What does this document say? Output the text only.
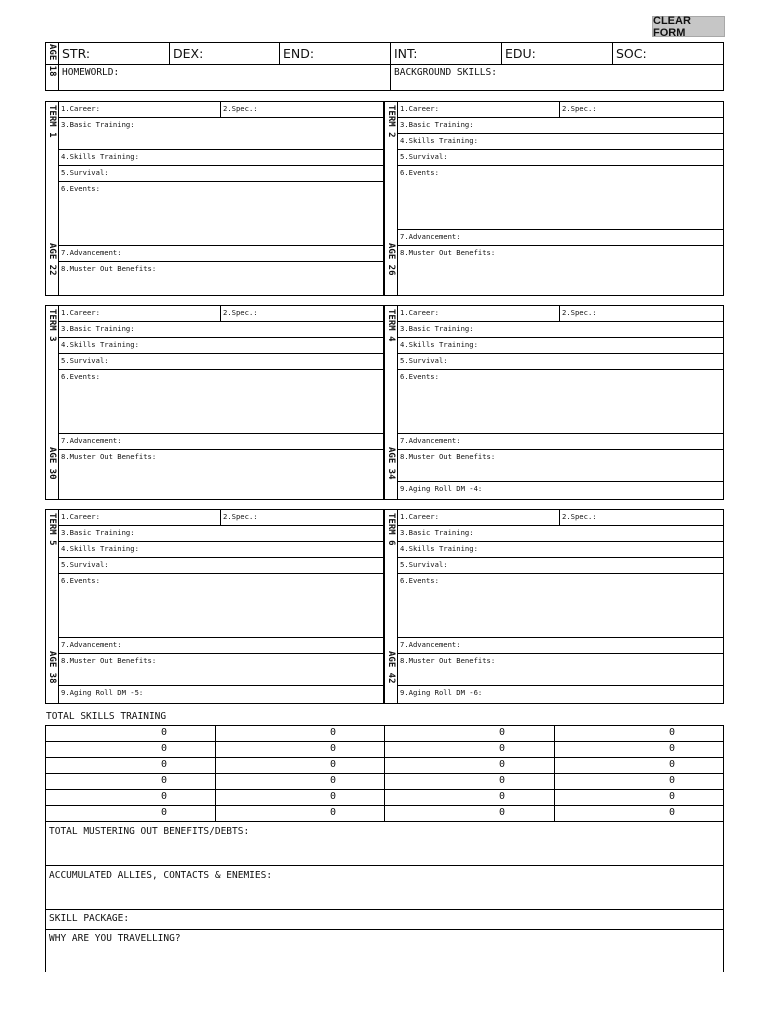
CLEAR FORM
AGE 18 STR:	DEX:	END:	INT:	EDU:	SOC:
HOMEWORLD:	BACKGROUND SKILLS:
1.Career:	2.Spec.:
3.Basic Training:
4.Skills Training:
5.Survival:
6.Events:
7.Advancement:
8.Muster Out Benefits:
TERM 1
AGE 22
1.Career:	2.Spec.:
3.Basic Training:
4.Skills Training:
5.Survival:
6.Events:
7.Advancement:
8.Muster Out Benefits:
TERM 2
AGE 26
1.Career:	2.Spec.:
3.Basic Training:
4.Skills Training:
5.Survival:
6.Events:
7.Advancement:
8.Muster Out Benefits:
TERM 3
AGE 30
1.Career:	2.Spec.:
3.Basic Training:
4.Skills Training:
5.Survival:
6.Events:
7.Advancement:
8.Muster Out Benefits:
9.Aging Roll DM -4:
TERM 4
AGE 34
1.Career:	2.Spec.:
3.Basic Training:
4.Skills Training:
5.Survival:
6.Events:
7.Advancement:
8.Muster Out Benefits:
9.Aging Roll DM -5:
TERM 5
AGE 38
1.Career:	2.Spec.:
3.Basic Training:
4.Skills Training:
5.Survival:
6.Events:
7.Advancement:
8.Muster Out Benefits:
9.Aging Roll DM -6:
TERM 6
AGE 42
TOTAL SKILLS TRAINING
TOTAL MUSTERING OUT BENEFITS/DEBTS:
ACCUMULATED ALLIES, CONTACTS & ENEMIES:
SKILL PACKAGE:
WHY ARE YOU TRAVELLING?
0	0	0	0
0	0	0	0
0	0	0	0
0	0	0	0
0	0	0	0
0	0	0	0
